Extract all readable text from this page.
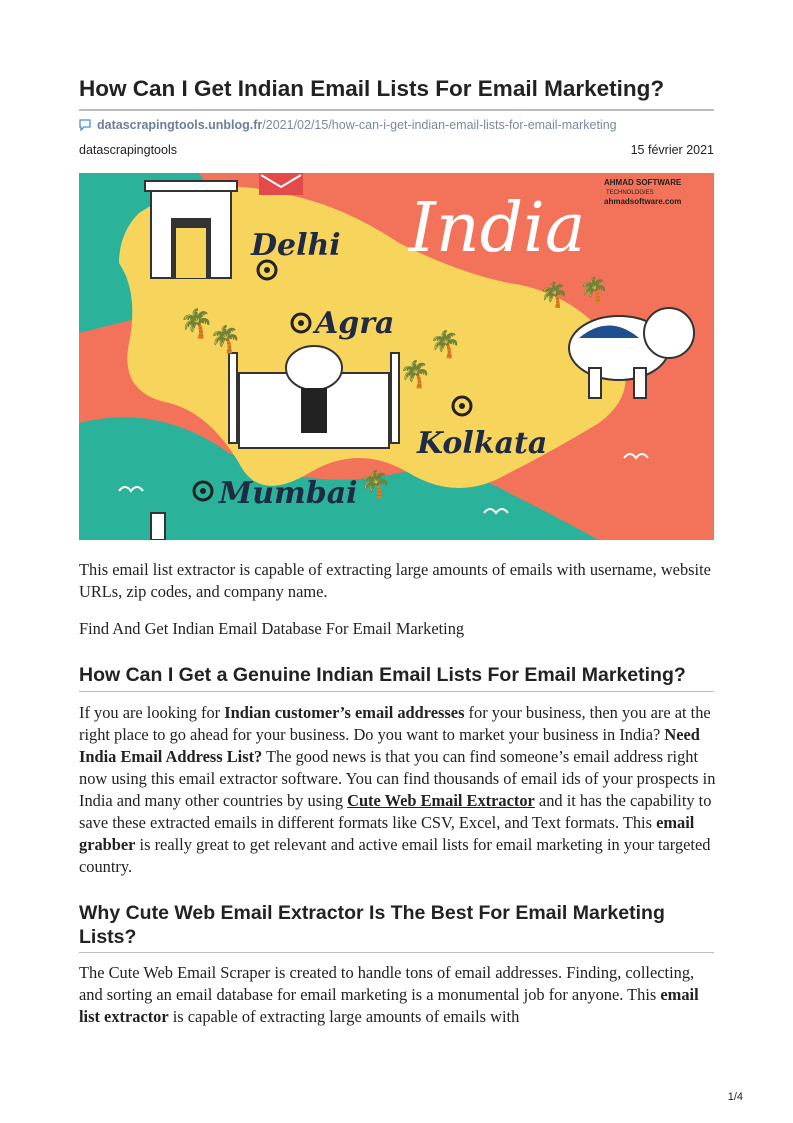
How Can I Get Indian Email Lists For Email Marketing?
datascrapingtools.unblog.fr /2021/02/15/how-can-i-get-indian-email-lists-for-email-marketing
datascrapingtools	15 février 2021
India
AHMAD SOFTWARE
TECHNOLOGIES
ahmadsoftware.com
🌴
🌴
🌴
🌴
🌴 🌴
🌴
Delhi
Agra
Kolkata
Mumbai

This email list extractor is capable of extracting large amounts of emails with username, website URLs, zip codes, and company name.

Find And Get Indian Email Database For Email Marketing

How Can I Get a Genuine Indian Email Lists For Email Marketing?

If you are looking for Indian customer’s email addresses for your business, then you are at the right place to go ahead for your business. Do you want to market your business in India? Need India Email Address List? The good news is that you can find someone’s email address right now using this email extractor software. You can find thousands of email ids of your prospects in India and many other countries by using Cute Web Email Extractor and it has the capability to save these extracted emails in different formats like CSV, Excel, and Text formats. This email grabber is really great to get relevant and active email lists for email marketing in your targeted country.

Why Cute Web Email Extractor Is The Best For Email Marketing Lists?

The Cute Web Email Scraper is created to handle tons of email addresses. Finding, collecting, and sorting an email database for email marketing is a monumental job for anyone. This email list extractor is capable of extracting large amounts of emails with

1/4
